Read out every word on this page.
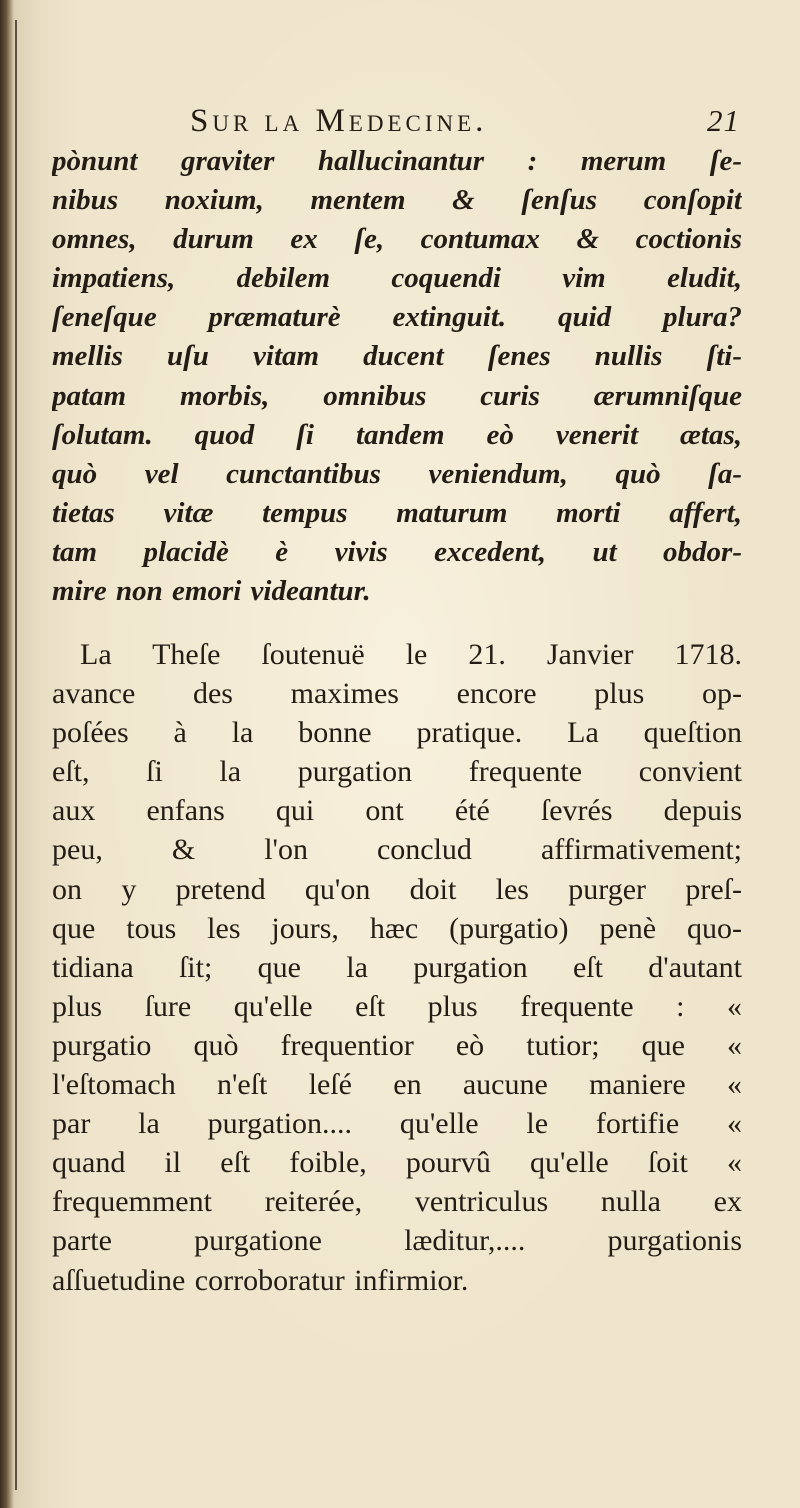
Sur la Medecine.	21
pònunt graviter hallucinantur : merum ſe-
nibus noxium, mentem & ſenſus conſopit
omnes, durum ex ſe, contumax & coctionis
impatiens, debilem coquendi vim eludit,
ſeneſque præmaturè extinguit. quid plura?
mellis uſu vitam ducent ſenes nullis ſti-
patam morbis, omnibus curis ærumniſque
ſolutam. quod ſi tandem eò venerit ætas,
quò vel cunctantibus veniendum, quò ſa-
tietas vitæ tempus maturum morti affert,
tam placidè è vivis excedent, ut obdor-
mire non emori videantur.
La Theſe ſoutenuë le 21. Janvier 1718.
avance des maximes encore plus op-
poſées à la bonne pratique. La queſtion
eſt, ſi la purgation frequente convient
aux enfans qui ont été ſevrés depuis
peu, & l'on conclud affirmativement;
on y pretend qu'on doit les purger preſ-
que tous les jours, hæc (purgatio) penè quo-
tidiana ſit; que la purgation eſt d'autant
plus ſure qu'elle eſt plus frequente : «
purgatio quò frequentior eò tutior; que «
l'eſtomach n'eſt leſé en aucune maniere «
par la purgation.... qu'elle le fortifie «
quand il eſt foible, pourvû qu'elle ſoit «
frequemment reiterée, ventriculus nulla ex
parte purgatione læditur,.... purgationis
aſſuetudine corroboratur infirmior.
